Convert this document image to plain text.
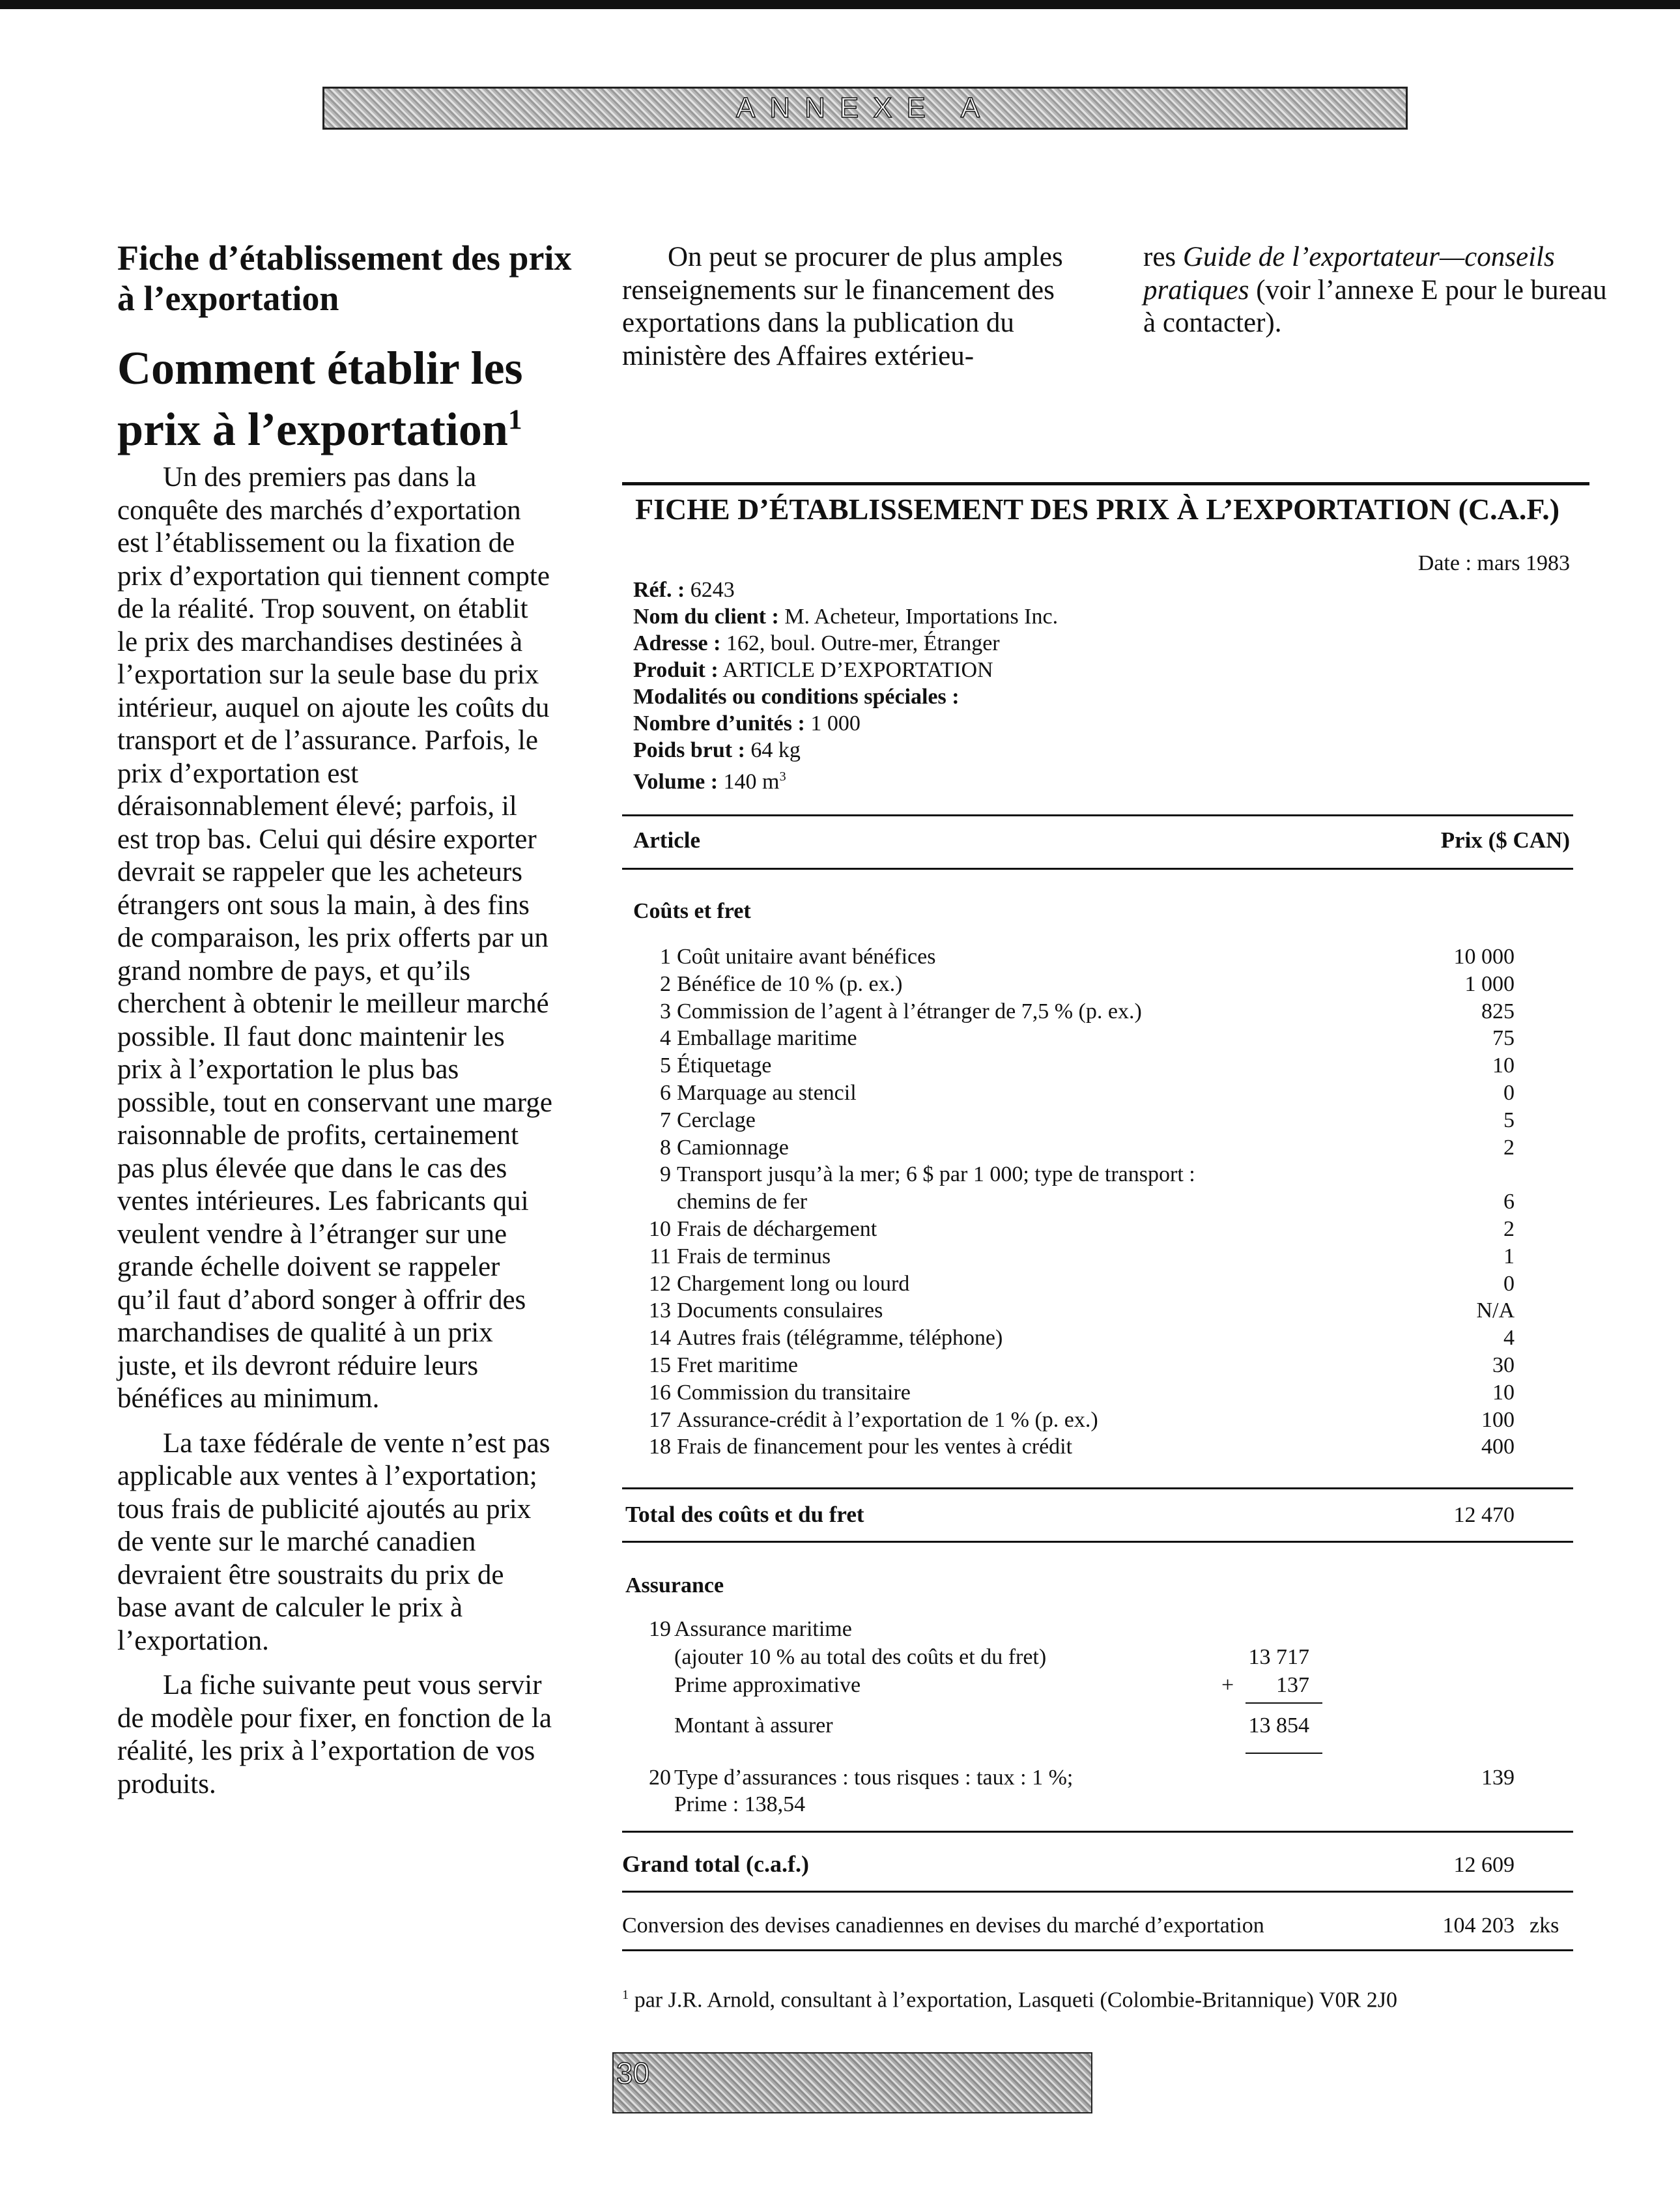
ANNEXE A
Fiche d’établissement des prix à l’exportation
Comment établir les prix à l’exportation$^1$

Un des premiers pas dans la conquête des marchés d’exportation est l’établissement ou la fixation de prix d’exportation qui tiennent compte de la réalité. Trop souvent, on établit le prix des marchandises destinées à l’exportation sur la seule base du prix intérieur, auquel on ajoute les coûts du transport et de l’assurance. Parfois, le prix d’exportation est déraisonnablement élevé; parfois, il est trop bas. Celui qui désire exporter devrait se rappeler que les acheteurs étrangers ont sous la main, à des fins de comparaison, les prix offerts par un grand nombre de pays, et qu’ils cherchent à obtenir le meilleur marché possible. Il faut donc maintenir les prix à l’exportation le plus bas possible, tout en conservant une marge raisonnable de profits, certainement pas plus élevée que dans le cas des ventes intérieures. Les fabricants qui veulent vendre à l’étranger sur une grande échelle doivent se rappeler qu’il faut d’abord songer à offrir des marchandises de qualité à un prix juste, et ils devront réduire leurs bénéfices au minimum.

La taxe fédérale de vente n’est pas applicable aux ventes à l’exportation; tous frais de publicité ajoutés au prix de vente sur le marché canadien devraient être soustraits du prix de base avant de calculer le prix à l’exportation.

La fiche suivante peut vous servir de modèle pour fixer, en fonction de la réalité, les prix à l’exportation de vos produits.

On peut se procurer de plus amples renseignements sur le financement des exportations dans la publication du ministère des Affaires extérieu-

res Guide de l’exportateur—conseils pratiques (voir l’annexe E pour le bureau à contacter).
FICHE D’ÉTABLISSEMENT DES PRIX À L’EXPORTATION (C.A.F.)
Date : mars 1983
Réf. : 6243
Nom du client : M. Acheteur, Importations Inc.
Adresse : 162, boul. Outre-mer, Étranger
Produit : ARTICLE D’EXPORTATION
Modalités ou conditions spéciales :
Nombre d’unités : 1 000
Poids brut : 64 kg
Volume : 140 $m^3$
Article	Prix ($ CAN)
Coûts et fret
1 Coût unitaire avant bénéfices	10 000
2 Bénéfice de 10 % (p. ex.)	1 000
3 Commission de l’agent à l’étranger de 7,5 % (p. ex.)	825
4 Emballage maritime	75
5 Étiquetage	10
6 Marquage au stencil	0
7 Cerclage	5
8 Camionnage	2
9 Transport jusqu’à la mer; 6 $ par 1 000; type de transport :
chemins de fer	6
10 Frais de déchargement	2
11 Frais de terminus	1
12 Chargement long ou lourd	0
13 Documents consulaires	N/A
14 Autres frais (télégramme, téléphone)	4
15 Fret maritime	30
16 Commission du transitaire	10
17 Assurance-crédit à l’exportation de 1 % (p. ex.)	100
18 Frais de financement pour les ventes à crédit	400
Total des coûts et du fret	12 470
Assurance
19 Assurance maritime
(ajouter 10 % au total des coûts et du fret)	13 717
Prime approximative	+	137
Montant à assurer	13 854
20 Type d’assurances : tous risques : taux : 1 %;
Prime : 138,54
139
Grand total (c.a.f.)	12 609
Conversion des devises canadiennes en devises du marché d’exportation	104 203 zks
$^1$ par J.R. Arnold, consultant à l’exportation, Lasqueti (Colombie-Britannique) V0R 2J0
30
